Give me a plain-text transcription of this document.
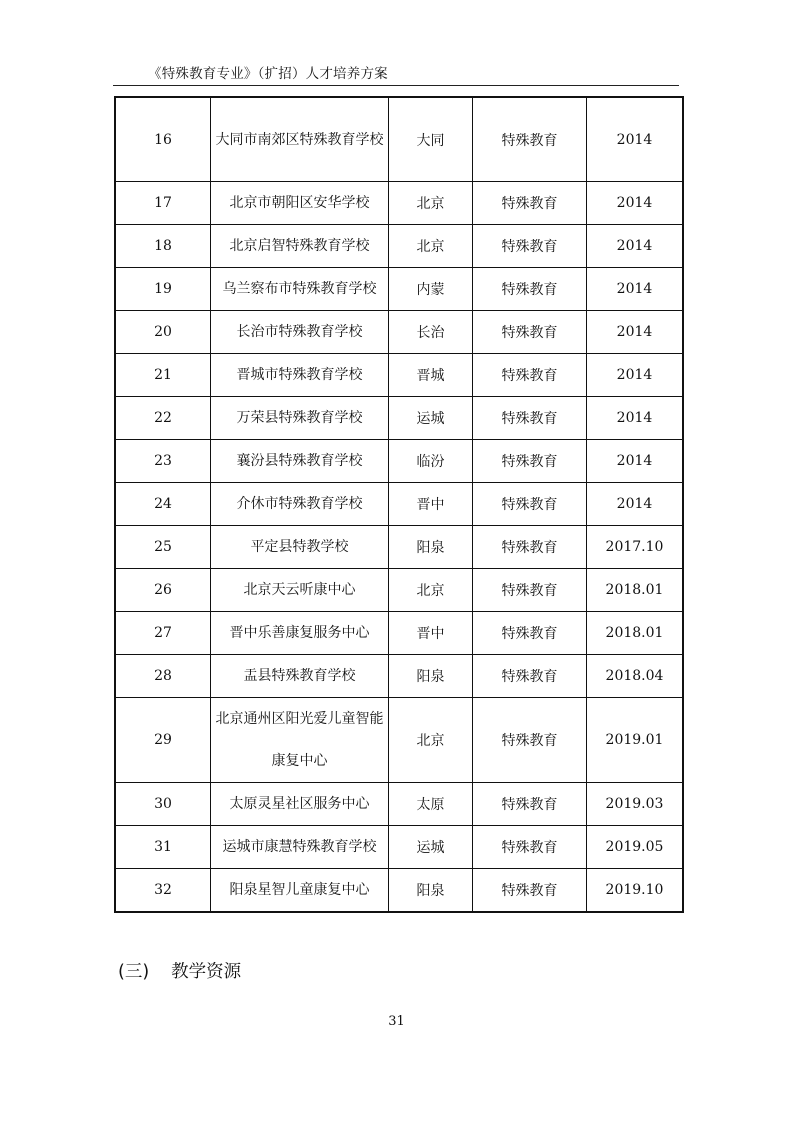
《特殊教育专业》（扩招）人才培养方案
16	大同市南郊区特殊教育学校	大同	特殊教育	2014
17	北京市朝阳区安华学校	北京	特殊教育	2014
18	北京启智特殊教育学校	北京	特殊教育	2014
19	乌兰察布市特殊教育学校	内蒙	特殊教育	2014
20	长治市特殊教育学校	长治	特殊教育	2014
21	晋城市特殊教育学校	晋城	特殊教育	2014
22	万荣县特殊教育学校	运城	特殊教育	2014
23	襄汾县特殊教育学校	临汾	特殊教育	2014
24	介休市特殊教育学校	晋中	特殊教育	2014
25	平定县特教学校	阳泉	特殊教育	2017.10
26	北京天云听康中心	北京	特殊教育	2018.01
27	晋中乐善康复服务中心	晋中	特殊教育	2018.01
28	盂县特殊教育学校	阳泉	特殊教育	2018.04
29	北京通州区阳光爱儿童智能康复中心	北京	特殊教育	2019.01
30	太原灵星社区服务中心	太原	特殊教育	2019.03
31	运城市康慧特殊教育学校	运城	特殊教育	2019.05
32	阳泉星智儿童康复中心	阳泉	特殊教育	2019.10
(三) 教学资源
31
